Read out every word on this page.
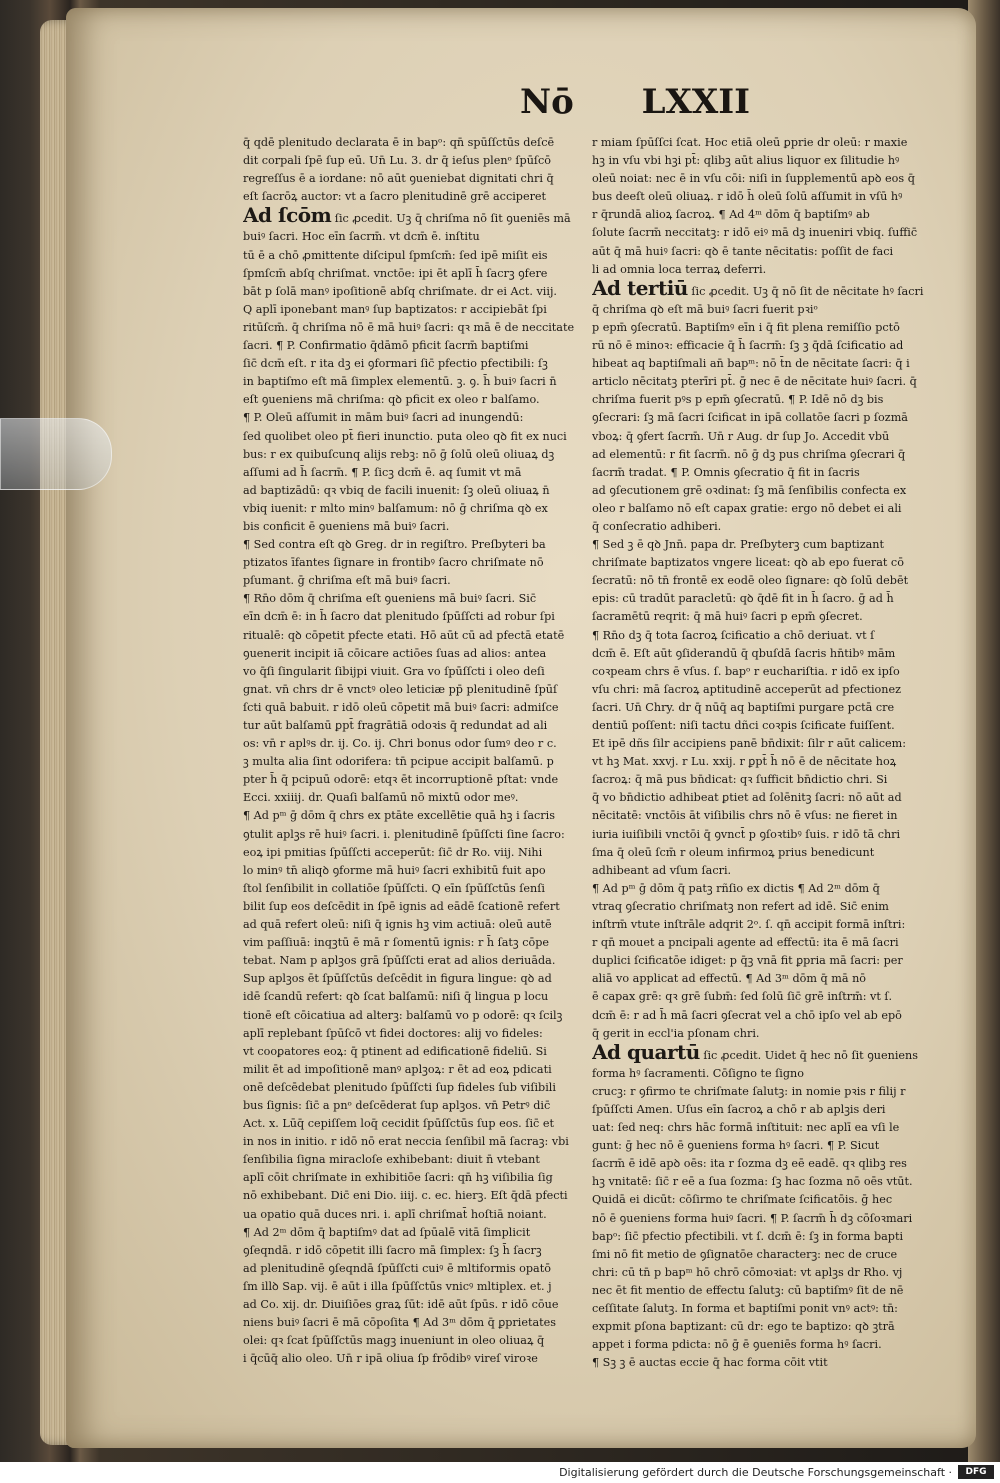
Nō LXXII

q̄ qdē plenitudo declarata ē in bapᵒ: qn̄ spūſſctūs deſcē

dit corpali ſpē ſup eū. Un̄ Lu. 3. dr q̄ ieſus plenᵒ ſpūſcō

regreſſus ē a iordane: nō aūt ꝯueniebat dignitati chri q̄

eſt ſacrōꝝ auctor: vt a ſacro plenitudinē grē acciperet

Ad ſcōm ſic ꝓcedit. Uꝫ q̄ chriſma nō ſit ꝯueniēs mā

buiꝰ ſacri. Hoc eīn ſacrm̄. vt dcm̄ ē. inſtitu

tū ē a chō ꝓmittente diſcipul ſpmſcm̄: ſed ipē miſit eis

ſpmſcm̄ abſq chriſmat. vnctōe: ipi ēt aplī h̄ ſacrꝫ ꝯfere

bāt p ſolā manꝰ ipoſitionē abſq chriſmate. dr ei Act. viij.

Q aplī iponebant manꝰ ſup baptizatos: r accipiebāt ſpi

ritūſcm̄. q̄ chriſma nō ē mā huiꝰ ſacri: qꝛ mā ē de neccitate

ſacri. ¶ P. Confirmatio q̄dāmō pficit ſacrm̄ baptiſmi

ſic̄ dcm̄ eſt. r ita dꝫ ei ꝯformari ſic̄ pfectio pfectibili: ſꝫ

in baptiſmo eſt mā ſimplex elementū. ꝫ. ꝯ. h̄ buiꝰ ſacri n̄

eſt ꝯueniens mā chriſma: qꝺ pficit ex oleo r balſamo.

¶ P. Oleū aſſumit in mām buiꝰ ſacri ad inungendū:

ſed quolibet oleo pt̄ fieri inunctio. puta oleo qꝺ fit ex nuci

bus: r ex quibuſcunq alijs rebꝫ: nō ḡ ſolū oleū oliuaꝝ dꝫ

aſſumi ad h̄ ſacrm̄. ¶ P. ſicꝫ dcm̄ ē. aq ſumit vt mā

ad baptizādū: qꝛ vbiq de facili inuenit: ſꝫ oleū oliuaꝝ n̄

vbiq iuenit: r mlto minꝰ balſamum: nō ḡ chriſma qꝺ ex

bis conficit ē ꝯueniens mā buiꝰ ſacri.

¶ Sed contra eſt qꝺ Greg. dr in regiſtro. Preſbyteri ba

ptizatos īfantes ſignare in frontibꝰ ſacro chriſmate nō

pſumant. ḡ chriſma eſt mā buiꝰ ſacri.

¶ Rn̄o dōm q̄ chriſma eſt ꝯueniens mā buiꝰ ſacri. Sic̄

eīn dcm̄ ē: in h̄ ſacro dat plenitudo ſpūſſcti ad robur ſpi

ritualē: qꝺ cōpetit pfecte etati. Hō aūt cū ad pfectā etatē

ꝯuenerit incipit iā cōicare actiōes ſuas ad alios: antea

vo q̄ſi ſingularit ſibijpi viuit. Gra vo ſpūſſcti i oleo deſi

gnat. vn̄ chrs dr ē vnctꝰ oleo leticiæ pp̄ plenitudinē ſpūſ

ſcti quā babuit. r idō oleū cōpetit mā buiꝰ ſacri: admiſce

tur aūt balſamū ꝑpt̄ fragrātiā odoꝛis q̄ redundat ad ali

os: vn̄ r aplꝰs dr. ij. Co. ij. Chri bonus odor ſumꝰ deo r c.

ꝫ multa alia ſint odorifera: tn̄ pcipue accipit balſamū. p

pter h̄ q̄ pcipuū odorē: etqꝛ ēt incorruptionē pſtat: vnde

Ecci. xxiiij. dr. Quaſi balſamū nō mixtū odor meꝰ.

¶ Ad pᵐ ḡ dōm q̄ chrs ex ptāte excellētie quā hꝫ i ſacris

ꝯtulit aplꝫs rē huiꝰ ſacri. i. plenitudinē ſpūſſcti ſine ſacro:

eoꝝ ipi pmitias ſpūſſcti acceperūt: ſic̄ dr Ro. viij. Nihi

lo minꝰ tn̄ aliqꝺ ꝯforme mā huiꝰ ſacri exhibitū fuit apo

ſtol ſenſibilit in collatiōe ſpūſſcti. Q eīn ſpūſſctūs ſenſi

bilit ſup eos deſcēdit in ſpē ignis ad eādē ſcationē refert

ad quā refert oleū: niſi q̄ ignis hꝫ vim actiuā: oleū autē

vim paſſiuā: inqꝫtū ē mā r ſomentū ignis: r h̄ ſatꝫ cōpe

tebat. Nam p aplꝫos grā ſpūſſcti erat ad alios deriuāda.

Sup aplꝫos ēt ſpūſſctūs deſcēdit in figura lingue: qꝺ ad

idē ſcandū refert: qꝺ ſcat balſamū: niſi q̄ lingua p locu

tionē eſt cōicatiua ad alterꝫ: balſamū vo p odorē: qꝛ ſcilꝫ

aplī replebant ſpūſcō vt fidei doctores: alij vo fideles:

vt cooꝑatores eoꝝ: q̄ ptinent ad edificationē fideliū. Si

milit ēt ad impoſitionē manꝰ aplꝫoꝝ: r ēt ad eoꝝ pdicati

onē deſcēdebat plenitudo ſpūſſcti ſup fideles ſub viſibili

bus ſignis: ſic̄ a pnᵒ deſcēderat ſup aplꝫos. vn̄ Petrꝰ dic̄

Act. x. Lūq̄ cepiſſem loq̄ cecidit ſpūſſctūs ſup eos. ſic̄ et

in nos in initio. r idō nō erat neccia ſenſibil mā ſacraꝫ: vbi

ſenſibilia ſigna miracloſe exhibebant: diuit n̄ vtebant

aplī cōit chriſmate in exhibitiōe ſacri: qn̄ hꝫ viſibilia ſig

nō exhibebant. Dic̄ eni Dio. iiij. c. ec. hierꝫ. Eſt q̄dā pfecti

ua opatio quā duces nri. i. aplī chriſmat̄ hoſtiā noiant.

¶ Ad 2ᵐ dōm q̄ baptiſmꝰ dat ad ſpūalē vitā ſimplicit

ꝯſeqndā. r idō cōpetit illi ſacro mā ſimplex: ſꝫ h̄ ſacrꝫ

ad plenitudinē ꝯſeqndā ſpūſſcti cuiꝰ ē mltiformis opatō

ſm illꝺ Sap. vij. ē aūt i illa ſpūſſctūs vnicꝰ mltiplex. et. j

ad Co. xij. dr. Diuiſiōes graꝝ ſūt: idē aūt ſpūs. r idō cōue

niens buiꝰ ſacri ē mā cōpoſita ¶ Ad 3ᵐ dōm q̄ ꝑprietates

olei: qꝛ ſcat ſpūſſctūs magꝫ inueniunt in oleo oliuaꝝ q̄

i q̄cūq̄ alio oleo. Un̄ r ipā oliua ſp frōdibꝰ vireſ viroꝛe

r miam ſpūſſci ſcat. Hoc etiā oleū ꝑprie dr oleū: r maxie

hꝫ in vſu vbi hꝫi pt̄: qlibꝫ aūt alius liquor ex ſilitudie hꝰ

oleū noiat: nec ē in vſu cōi: niſi in ſupplementū apꝺ eos q̄

bus deeſt oleū oliuaꝝ. r idō h̄ oleū ſolū aſſumit in vſū hꝰ

r q̄rundā alioꝝ ſacroꝝ. ¶ Ad 4ᵐ dōm q̄ baptiſmꝰ ab

ſolute ſacrm̄ neccitatꝫ: r idō eiꝰ mā dꝫ inueniri vbiq. ſuffic̄

aūt q̄ mā huiꝰ ſacri: qꝺ ē tante nēcitatis: poſſit de faci

li ad omnia loca terraꝝ deferri.

Ad tertiū ſic ꝓcedit. Uꝫ q̄ nō ſit de nēcitate hꝰ ſacri

q̄ chriſma qꝺ eſt mā buiꝰ ſacri fuerit pꝛiᵒ

p epm̄ ꝯſecratū. Baptiſmꝰ eīn i q̄ fit plena remiſſio pctō

rū nō ē minoꝛ: efficacie q̄ h̄ ſacrm̄: ſꝫ ꝫ q̄dā ſcificatio ad

hibeat aq baptiſmali an̄ bapᵐ: nō t̄n de nēcitate ſacri: q̄ i

articlo nēcitatꝫ pterīri pt̄. ḡ nec ē de nēcitate huiꝰ ſacri. q̄

chriſma fuerit pꝰs p epm̄ ꝯſecratū. ¶ P. Idē nō dꝫ bis

ꝯſecrari: ſꝫ mā ſacri ſcificat in ipā collatōe ſacri p ſozmā

vboꝝ: q̄ ꝯfert ſacrm̄. Un̄ r Aug. dr ſup Jo. Accedit vbū

ad elementū: r fit ſacrm̄. nō ḡ dꝫ pus chriſma ꝯſecrari q̄

ſacrm̄ tradat. ¶ P. Omnis ꝯſecratio q̄ fit in ſacris

ad ꝯſecutionem grē oꝛdinat: ſꝫ mā ſenſibilis confecta ex

oleo r balſamo nō eſt capax gratie: ergo nō debet ei ali

q̄ conſecratio adhiberi.

¶ Sed ꝫ ē qꝺ Jnn̄. papa dr. Preſbyterꝫ cum baptizant

chriſmate baptizatos vngere liceat: qꝺ ab epo fuerat cō

ſecratū: nō tn̄ frontē ex eodē oleo ſignare: qꝺ ſolū debēt

epis: cū tradūt paracletū: qꝺ q̄dē fit in h̄ ſacro. ḡ ad h̄

ſacramētū reqrit: q̄ mā huiꝰ ſacri p epm̄ ꝯſecret.

¶ Rn̄o dꝫ q̄ tota ſacroꝝ ſcificatio a chō deriuat. vt ſ

dcm̄ ē. Eſt aūt ꝯſiderandū q̄ qbuſdā ſacris hn̄tibꝰ mām

coꝛpeam chrs ē vſus. ſ. bapᵒ r euchariſtia. r idō ex ipſo

vſu chri: mā ſacroꝝ aptitudinē acceperūt ad pfectionez

ſacri. Un̄ Chry. dr q̄ nūq̄ aq baptiſmi purgare pctā cre

dentiū poſſent: niſi tactu dñci coꝛpis ſcificate fuiſſent.

Et ipē dñs ſilr accipiens panē bn̄dixit: ſilr r aūt calicem:

vt hꝫ Mat. xxvj. r Lu. xxij. r ꝑpt̄ h̄ nō ē de nēcitate hoꝝ

ſacroꝝ: q̄ mā pus bn̄dicat: qꝛ ſufficit bn̄dictio chri. Si

q̄ vo bn̄dictio adhibeat ꝑtiet ad ſolēnitꝫ ſacri: nō aūt ad

nēcitatē: vnctōis āt viſibilis chrs nō ē vſus: ne fieret in

iuria iuiſibili vnctōi q̄ ꝯvnct̄ p ꝯſoꝛtibꝰ ſuis. r idō tā chri

ſma q̄ oleū ſcm̄ r oleum infirmoꝝ prius benedicunt

adhibeant ad vſum ſacri.

¶ Ad pᵐ ḡ dōm q̄ patꝫ rñſio ex dictis ¶ Ad 2ᵐ dōm q̄

vtraq ꝯſecratio chriſmatꝫ non refert ad idē. Sic̄ enim

inſtrm̄ vtute inſtrāle adqrit 2ᵒ. ſ. qn̄ accipit formā inſtri:

r qn̄ mouet a pncipali agente ad effectū: ita ē mā ſacri

duplici ſcificatōe idiget: p q̄ꝫ vnā fit ꝑpria mā ſacri: per

aliā vo applicat ad effectū. ¶ Ad 3ᵐ dōm q̄ mā nō

ē capax grē: qꝛ grē ſubm̄: ſed ſolū ſic̄ grē inſtrm̄: vt ſ.

dcm̄ ē: r ad h̄ mā ſacri ꝯſecrat vel a chō ipſo vel ab epō

q̄ gerit in eccl'ia pſonam chri.

Ad quartū ſic ꝓcedit. Uidet q̄ hec nō ſit ꝯueniens

forma hꝰ ſacramenti. Cōſigno te ſigno

crucꝫ: r ꝯfirmo te chriſmate ſalutꝫ: in nomie pꝛis r filij r

ſpūſſcti Amen. Uſus eīn ſacroꝝ a chō r ab aplꝫis deri

uat: ſed neq: chrs hāc formā inſtituit: nec aplī ea vſi le

gunt: ḡ hec nō ē ꝯueniens forma hꝰ ſacri. ¶ P. Sicut

ſacrm̄ ē idē apꝺ oēs: ita r ſozma dꝫ eē eadē. qꝛ qlibꝫ res

hꝫ vnitatē: ſic̄ r eē a ſua ſozma: ſꝫ hac ſozma nō oēs vtūt.

Quidā ei dicūt: cōſirmo te chriſmate ſcificatōis. ḡ hec

nō ē ꝯueniens forma huiꝰ ſacri. ¶ P. ſacrm̄ h̄ dꝫ cōſoꝛmari

bapᵒ: ſic̄ pfectio pfectibili. vt ſ. dcm̄ ē: ſꝫ in forma bapti

ſmi nō fit metio de ꝯſignatōe characterꝫ: nec de cruce

chri: cū tn̄ p bapᵐ hō chrō cōmoꝛiat: vt aplꝫs dr Rho. vj

nec ēt fit mentio de effectu ſalutꝫ: cū baptiſmꝰ ſit de nē

ceſſitate ſalutꝫ. In forma et baptiſmi ponit vnꝰ actꝰ: tn̄:

expmit ꝑſona baptizant: cū dr: ego te baptizo: qꝺ ꝫtrā

appet i forma pdicta: nō ḡ ē ꝯueniēs forma hꝰ ſacri.

¶ Sꝫ ꝫ ē auctas eccie q̄ hac forma cōit vtit

Digitalisierung gefördert durch die Deutsche Forschungsgemeinschaft ·	DFG
